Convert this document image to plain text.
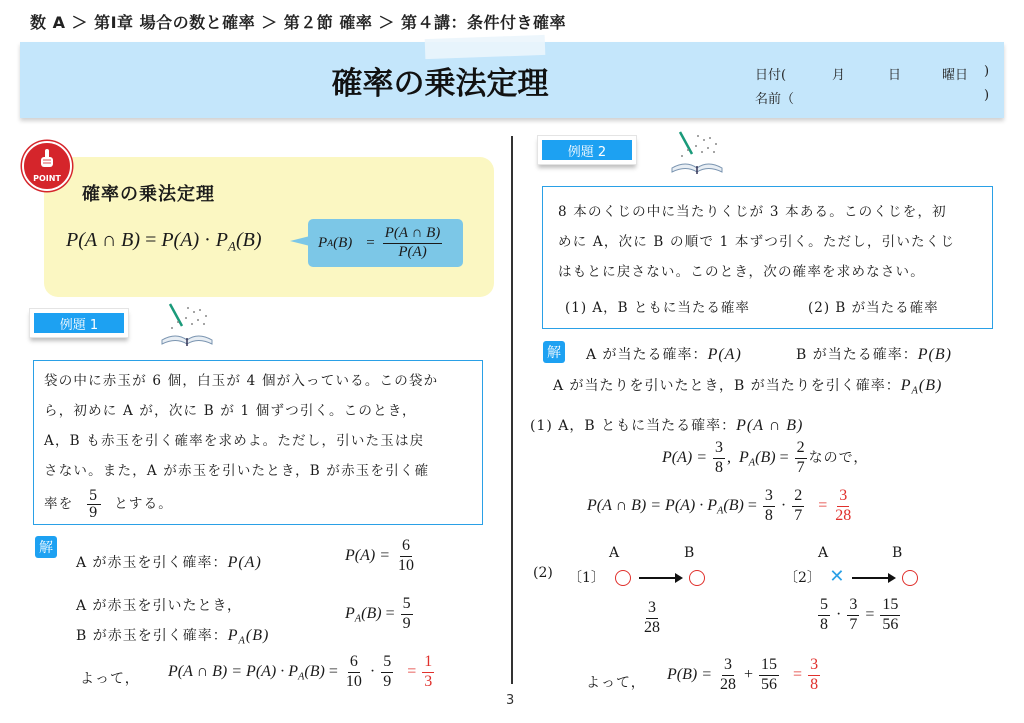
数 A ＞ 第Ⅰ章 場合の数と確率 ＞ 第２節 確率 ＞ 第４講：条件付き確率
確率の乗法定理	日付(	月	日	曜日 )
名前（	)
POINT
確率の乗法定理
P(A ∩ $B) = P(A) \cdot P_A(B)$	P A $(B) = \frac{P(A \cap B)}{P(A)}$
例題 1
袋の中に赤玉が 6 個，白玉が 4 個が入っている。この袋か
ら，初めに A が，次に B が 1 個ずつ引く。このとき，
A，B も赤玉を引く確率を求めよ。ただし，引いた玉は戻
さない。また，A が赤玉を引いたとき，B が赤玉を引く確
率を $\frac{5}{9}$ とする。
解
A が赤玉を引く確率：P(A)	$P(A) = \frac{6}{10}$
A が赤玉を引いたとき，
B が赤玉を引く確率：$P_A(B)$
$P_A(B) = \frac{5}{9}$
よって， P(A ∩ $B) = P(A) \cdot P_A(B) = \frac{6}{10} \cdot \frac{5}{9} = \frac{1}{3}$
例題 2
8 本のくじの中に当たりくじが 3 本ある。このくじを，初
めに A，次に B の順で 1 本ずつ引く。ただし，引いたくじ
はもとに戻さない。このとき，次の確率を求めなさい。
(1) A，B ともに当たる確率	(2) B が当たる確率
解 A が当たる確率：P(A)	B が当たる確率：P(B)
A が当たりを引いたとき，B が当たりを引く確率：$P_A(B)$
(1) A，B ともに当たる確率：P(A ∩ B)
$P(A) = \frac{3}{8}$ ,  $P_A(B) = \frac{2}{7}$ なので，
P(A ∩ $B) = P(A) \cdot P_A(B) = \frac{3}{8} \cdot \frac{2}{7} = \frac{3}{28}$
(2)
A	B
〔1〕
$\frac{3}{28}$
A	B
〔2〕 ✕
$\frac{5}{8} \cdot \frac{3}{7} = \frac{15}{56}$
よって，
$P(B) = \frac{3}{28} + \frac{15}{56} = \frac{3}{8}$
3
